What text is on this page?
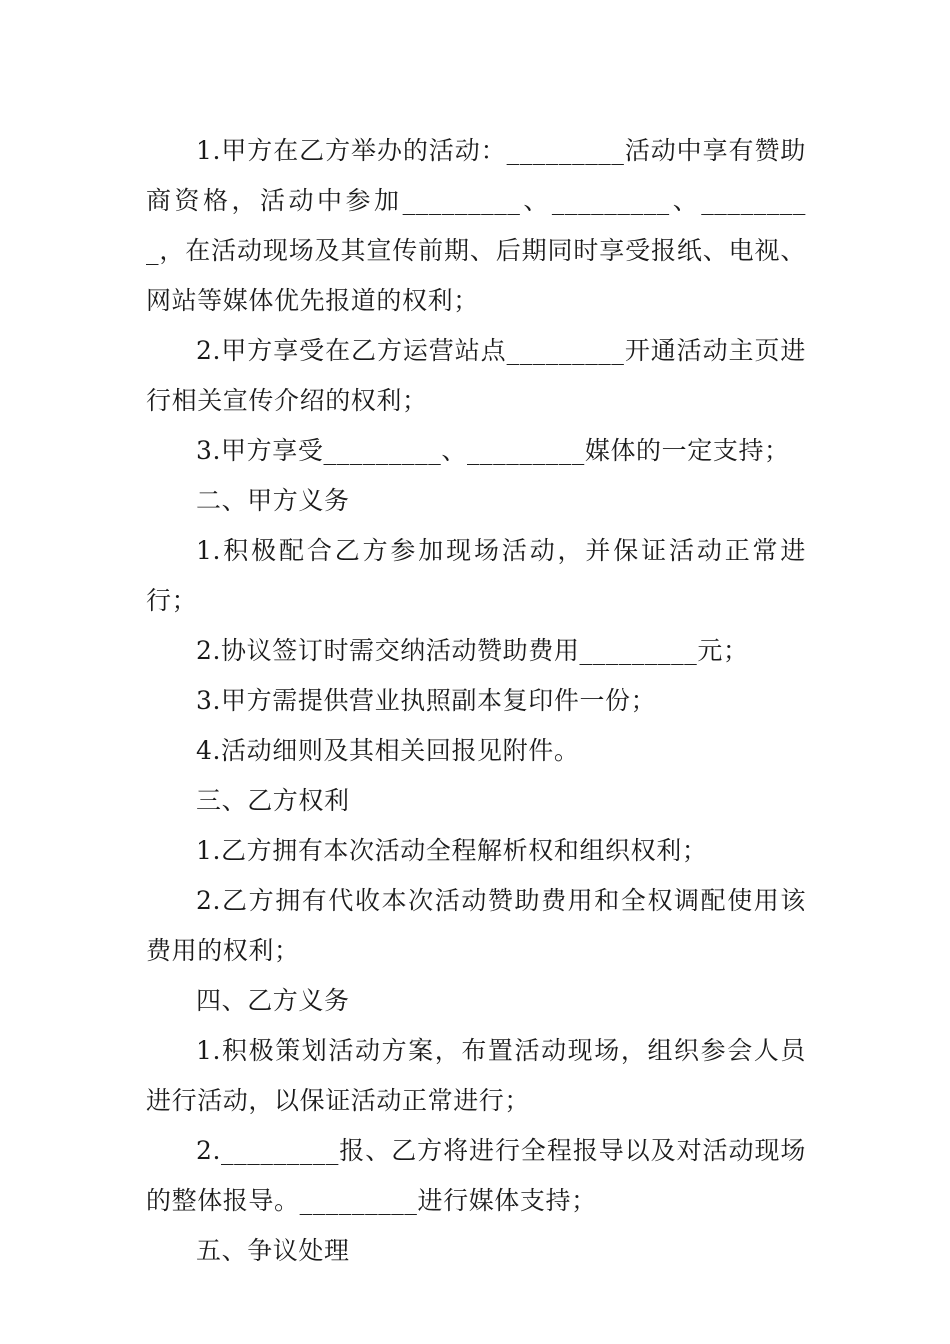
1.甲方在乙方举办的活动：_________活动中享有赞助商资格，活动中参加_________、_________、_________，在活动现场及其宣传前期、后期同时享受报纸、电视、网站等媒体优先报道的权利；

2.甲方享受在乙方运营站点_________开通活动主页进行相关宣传介绍的权利；

3.甲方享受_________、_________媒体的一定支持；

二、甲方义务

1.积极配合乙方参加现场活动，并保证活动正常进行；

2.协议签订时需交纳活动赞助费用_________元；

3.甲方需提供营业执照副本复印件一份；

4.活动细则及其相关回报见附件。

三、乙方权利

1.乙方拥有本次活动全程解析权和组织权利；

2.乙方拥有代收本次活动赞助费用和全权调配使用该费用的权利；

四、乙方义务

1.积极策划活动方案，布置活动现场，组织参会人员进行活动，以保证活动正常进行；

2._________报、乙方将进行全程报导以及对活动现场的整体报导。_________进行媒体支持；

五、争议处理
